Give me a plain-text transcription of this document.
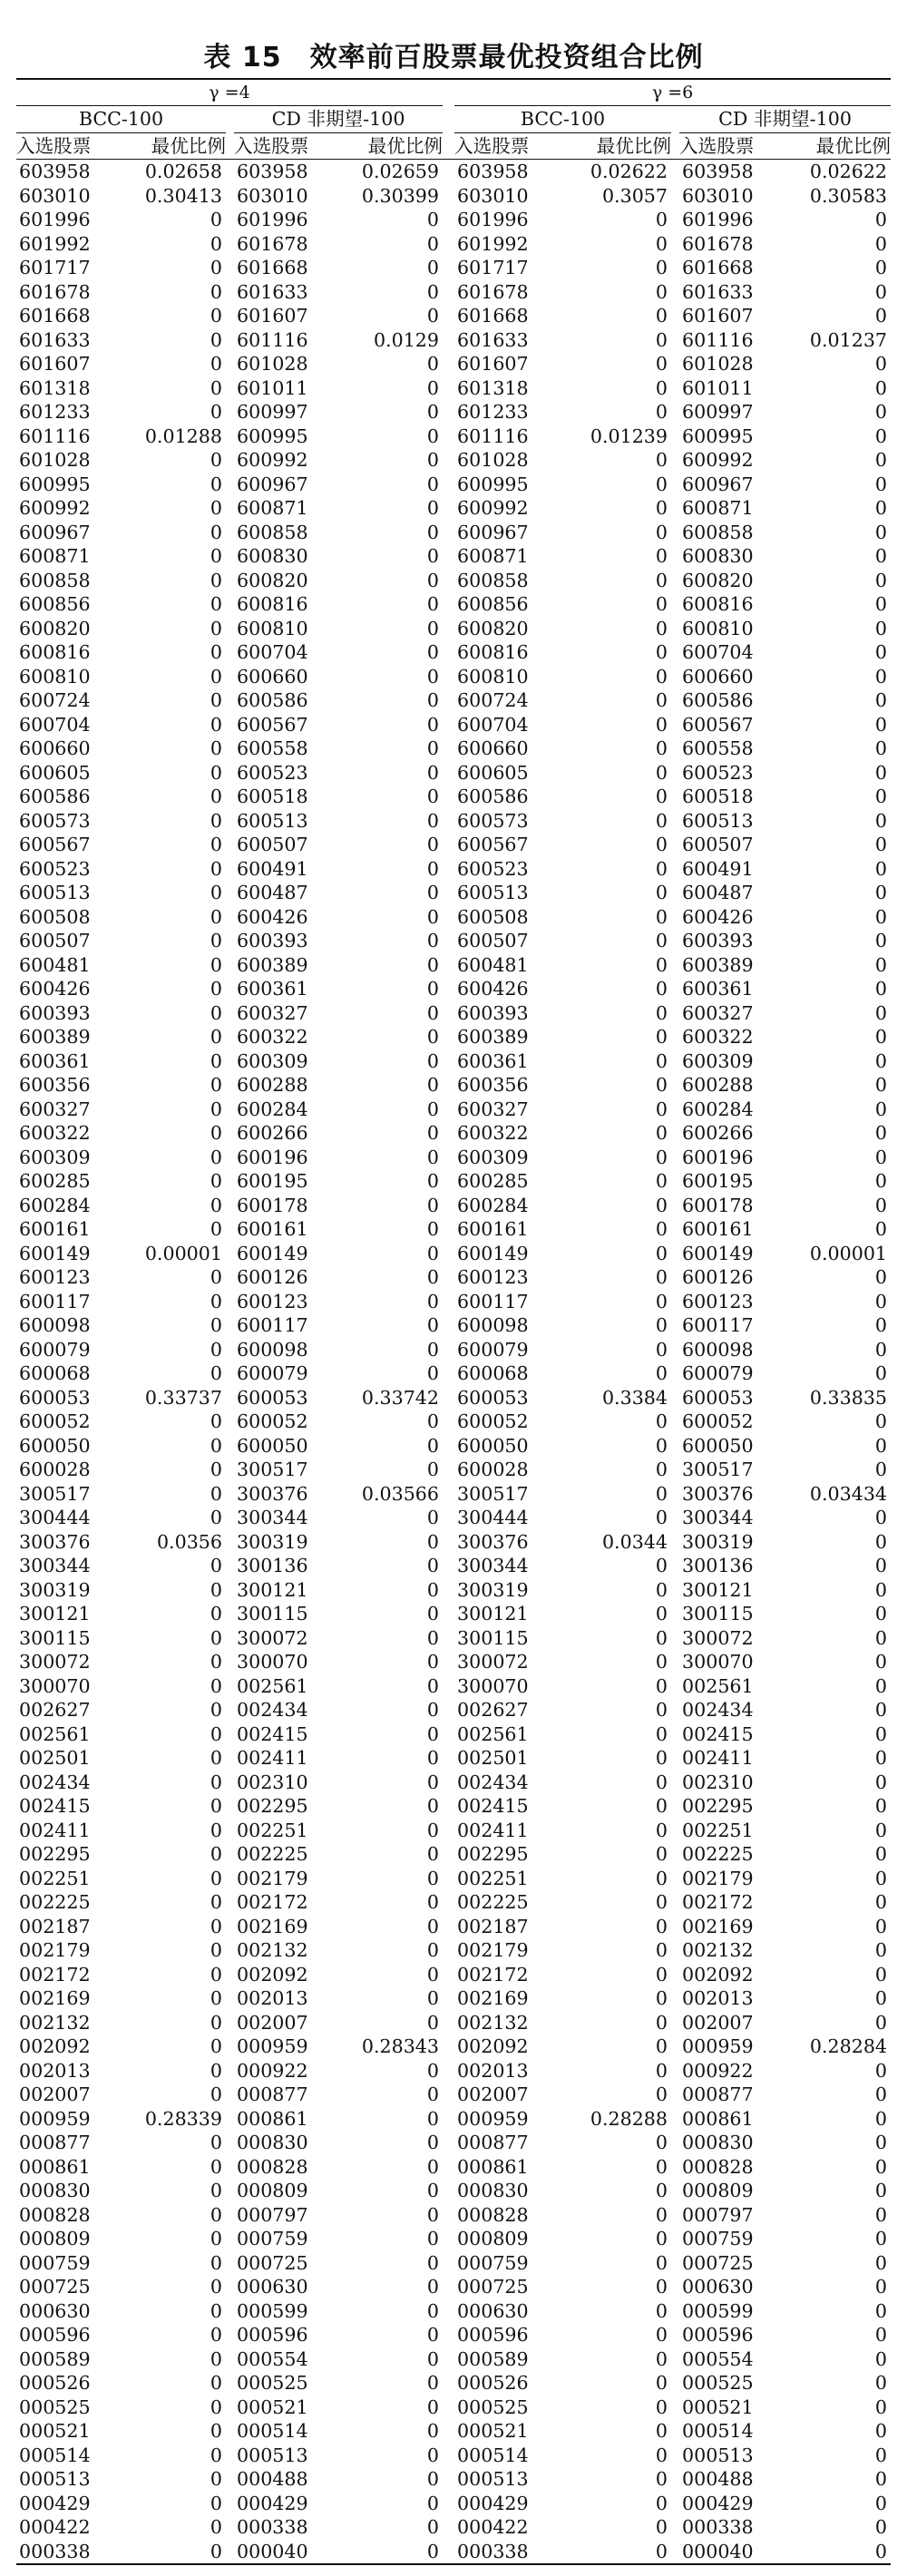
表 15　效率前百股票最优投资组合比例
γ =4						γ =6				
BCC-100			CD 非期望-100			BCC-100			CD 非期望-100	
入选股票	最优比例		入选股票	最优比例		入选股票	最优比例		入选股票	最优比例
603958	0.02658		603958	0.02659		603958	0.02622		603958	0.02622
603010	0.30413		603010	0.30399		603010	0.3057		603010	0.30583
601996	0		601996	0		601996	0		601996	0
601992	0		601678	0		601992	0		601678	0
601717	0		601668	0		601717	0		601668	0
601678	0		601633	0		601678	0		601633	0
601668	0		601607	0		601668	0		601607	0
601633	0		601116	0.0129		601633	0		601116	0.01237
601607	0		601028	0		601607	0		601028	0
601318	0		601011	0		601318	0		601011	0
601233	0		600997	0		601233	0		600997	0
601116	0.01288		600995	0		601116	0.01239		600995	0
601028	0		600992	0		601028	0		600992	0
600995	0		600967	0		600995	0		600967	0
600992	0		600871	0		600992	0		600871	0
600967	0		600858	0		600967	0		600858	0
600871	0		600830	0		600871	0		600830	0
600858	0		600820	0		600858	0		600820	0
600856	0		600816	0		600856	0		600816	0
600820	0		600810	0		600820	0		600810	0
600816	0		600704	0		600816	0		600704	0
600810	0		600660	0		600810	0		600660	0
600724	0		600586	0		600724	0		600586	0
600704	0		600567	0		600704	0		600567	0
600660	0		600558	0		600660	0		600558	0
600605	0		600523	0		600605	0		600523	0
600586	0		600518	0		600586	0		600518	0
600573	0		600513	0		600573	0		600513	0
600567	0		600507	0		600567	0		600507	0
600523	0		600491	0		600523	0		600491	0
600513	0		600487	0		600513	0		600487	0
600508	0		600426	0		600508	0		600426	0
600507	0		600393	0		600507	0		600393	0
600481	0		600389	0		600481	0		600389	0
600426	0		600361	0		600426	0		600361	0
600393	0		600327	0		600393	0		600327	0
600389	0		600322	0		600389	0		600322	0
600361	0		600309	0		600361	0		600309	0
600356	0		600288	0		600356	0		600288	0
600327	0		600284	0		600327	0		600284	0
600322	0		600266	0		600322	0		600266	0
600309	0		600196	0		600309	0		600196	0
600285	0		600195	0		600285	0		600195	0
600284	0		600178	0		600284	0		600178	0
600161	0		600161	0		600161	0		600161	0
600149	0.00001		600149	0		600149	0		600149	0.00001
600123	0		600126	0		600123	0		600126	0
600117	0		600123	0		600117	0		600123	0
600098	0		600117	0		600098	0		600117	0
600079	0		600098	0		600079	0		600098	0
600068	0		600079	0		600068	0		600079	0
600053	0.33737		600053	0.33742		600053	0.3384		600053	0.33835
600052	0		600052	0		600052	0		600052	0
600050	0		600050	0		600050	0		600050	0
600028	0		300517	0		600028	0		300517	0
300517	0		300376	0.03566		300517	0		300376	0.03434
300444	0		300344	0		300444	0		300344	0
300376	0.0356		300319	0		300376	0.0344		300319	0
300344	0		300136	0		300344	0		300136	0
300319	0		300121	0		300319	0		300121	0
300121	0		300115	0		300121	0		300115	0
300115	0		300072	0		300115	0		300072	0
300072	0		300070	0		300072	0		300070	0
300070	0		002561	0		300070	0		002561	0
002627	0		002434	0		002627	0		002434	0
002561	0		002415	0		002561	0		002415	0
002501	0		002411	0		002501	0		002411	0
002434	0		002310	0		002434	0		002310	0
002415	0		002295	0		002415	0		002295	0
002411	0		002251	0		002411	0		002251	0
002295	0		002225	0		002295	0		002225	0
002251	0		002179	0		002251	0		002179	0
002225	0		002172	0		002225	0		002172	0
002187	0		002169	0		002187	0		002169	0
002179	0		002132	0		002179	0		002132	0
002172	0		002092	0		002172	0		002092	0
002169	0		002013	0		002169	0		002013	0
002132	0		002007	0		002132	0		002007	0
002092	0		000959	0.28343		002092	0		000959	0.28284
002013	0		000922	0		002013	0		000922	0
002007	0		000877	0		002007	0		000877	0
000959	0.28339		000861	0		000959	0.28288		000861	0
000877	0		000830	0		000877	0		000830	0
000861	0		000828	0		000861	0		000828	0
000830	0		000809	0		000830	0		000809	0
000828	0		000797	0		000828	0		000797	0
000809	0		000759	0		000809	0		000759	0
000759	0		000725	0		000759	0		000725	0
000725	0		000630	0		000725	0		000630	0
000630	0		000599	0		000630	0		000599	0
000596	0		000596	0		000596	0		000596	0
000589	0		000554	0		000589	0		000554	0
000526	0		000525	0		000526	0		000525	0
000525	0		000521	0		000525	0		000521	0
000521	0		000514	0		000521	0		000514	0
000514	0		000513	0		000514	0		000513	0
000513	0		000488	0		000513	0		000488	0
000429	0		000429	0		000429	0		000429	0
000422	0		000338	0		000422	0		000338	0
000338	0		000040	0		000338	0		000040	0
